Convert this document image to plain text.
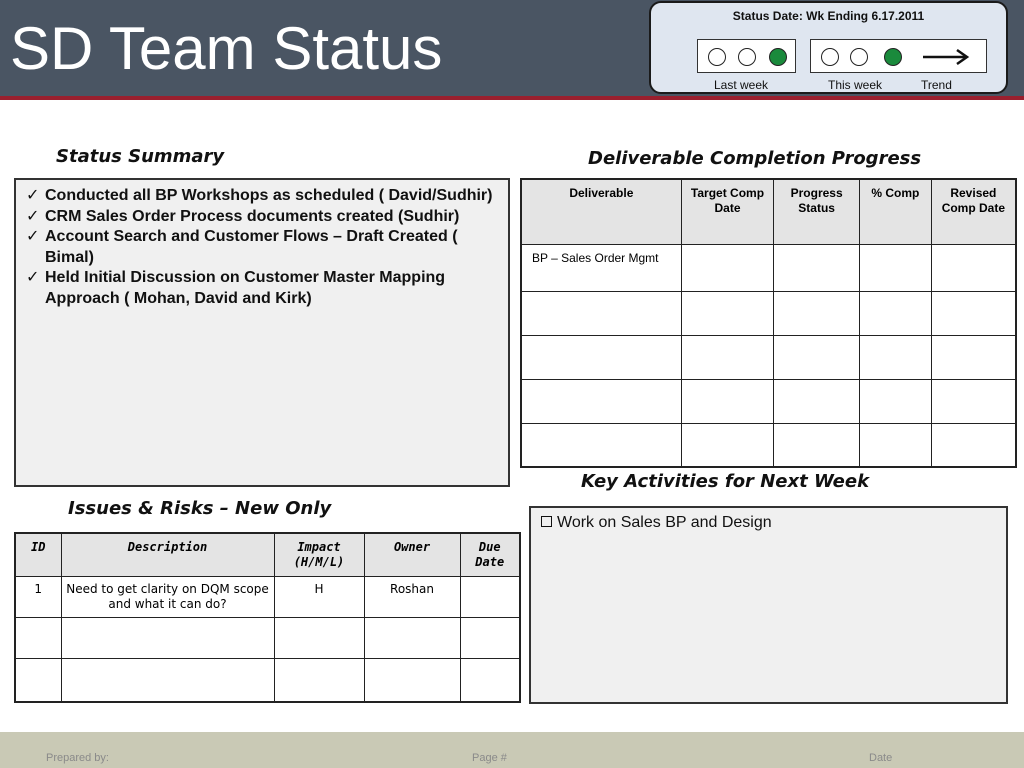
SD Team Status	Status Date: Wk Ending 6.17.2011
Last week	This week	Trend
Status Summary
✓ Conducted all BP Workshops as scheduled ( David/Sudhir)
✓ CRM Sales Order Process documents created (Sudhir)
✓ Account Search and Customer Flows – Draft Created ( Bimal)
✓ Held Initial Discussion on Customer Master Mapping Approach ( Mohan, David and Kirk)
Deliverable Completion Progress
Deliverable	Target Comp Date	Progress Status	% Comp	Revised Comp Date
BP – Sales Order Mgmt				

Key Activities for Next Week
Work on Sales BP and Design
Issues & Risks – New Only
ID	Description	Impact (H/M/L)	Owner	Due Date
1	Need to get clarity on DQM scope and what it can do?	H	Roshan	

Prepared by:	Page #	Date
